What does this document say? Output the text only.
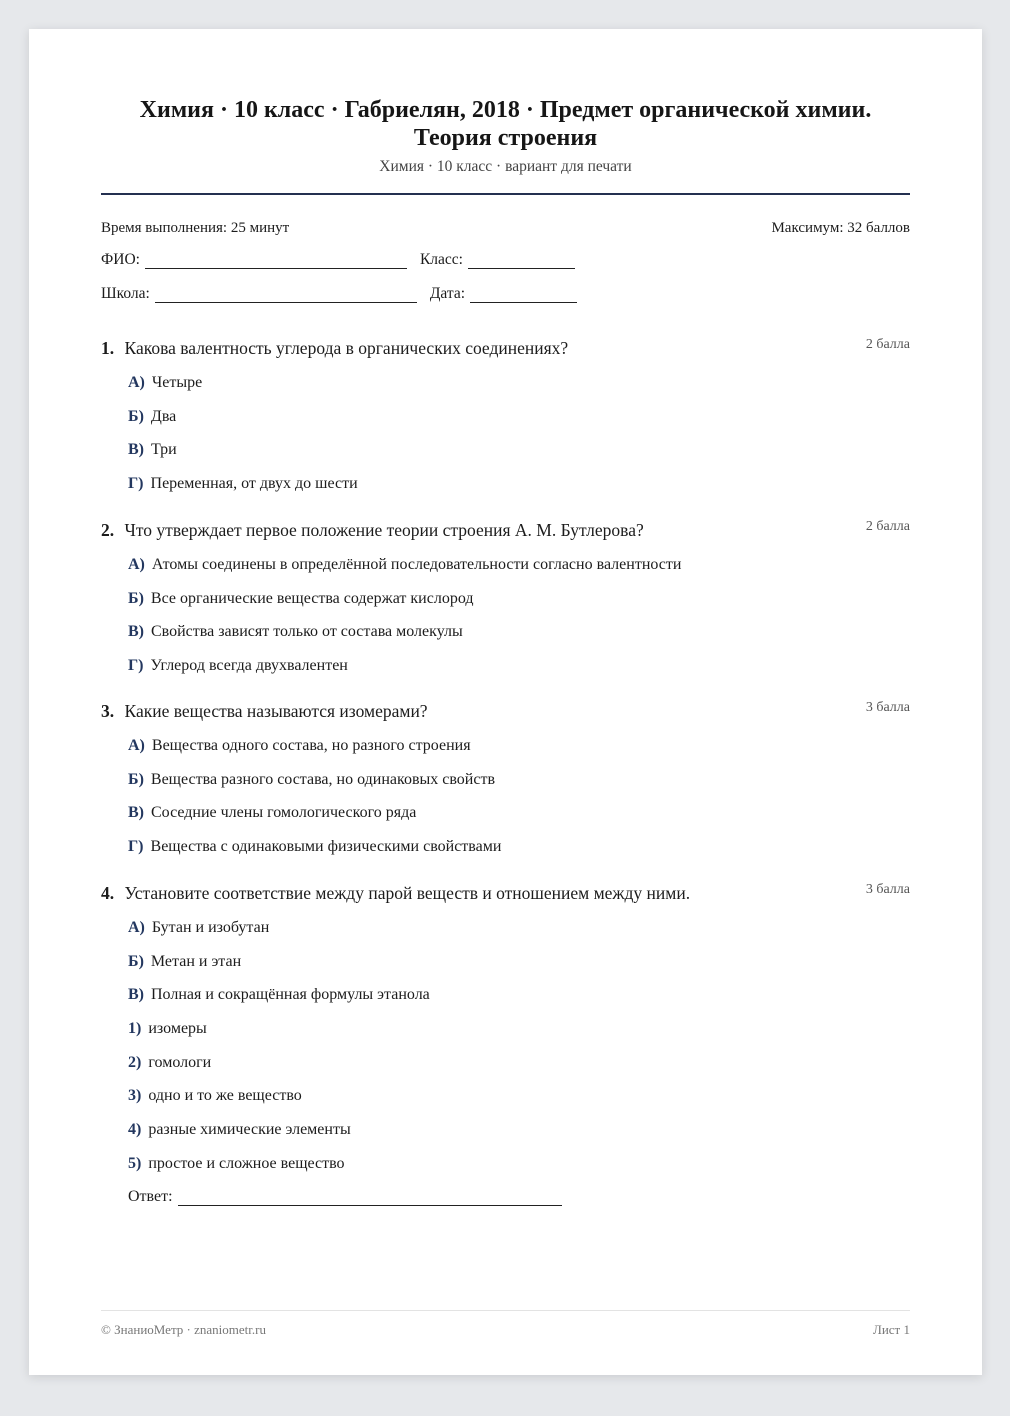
Химия · 10 класс · Габриелян, 2018 · Предмет органической химии. Теория строения
Химия · 10 класс · вариант для печати
Время выполнения: 25 минут	Максимум: 32 баллов
ФИО:	Класс:
Школа:	Дата:
1. Какова валентность углерода в органических соединениях?	2 балла
А) Четыре
Б) Два
В) Три
Г) Переменная, от двух до шести
2. Что утверждает первое положение теории строения А. М. Бутлерова?	2 балла
А) Атомы соединены в определённой последовательности согласно валентности
Б) Все органические вещества содержат кислород
В) Свойства зависят только от состава молекулы
Г) Углерод всегда двухвалентен
3. Какие вещества называются изомерами?	3 балла
А) Вещества одного состава, но разного строения
Б) Вещества разного состава, но одинаковых свойств
В) Соседние члены гомологического ряда
Г) Вещества с одинаковыми физическими свойствами
4. Установите соответствие между парой веществ и отношением между ними.	3 балла
А) Бутан и изобутан
Б) Метан и этан
В) Полная и сокращённая формулы этанола
1) изомеры
2) гомологи
3) одно и то же вещество
4) разные химические элементы
5) простое и сложное вещество
Ответ:
© ЗнаниоМетр · znaniometr.ru	Лист 1
